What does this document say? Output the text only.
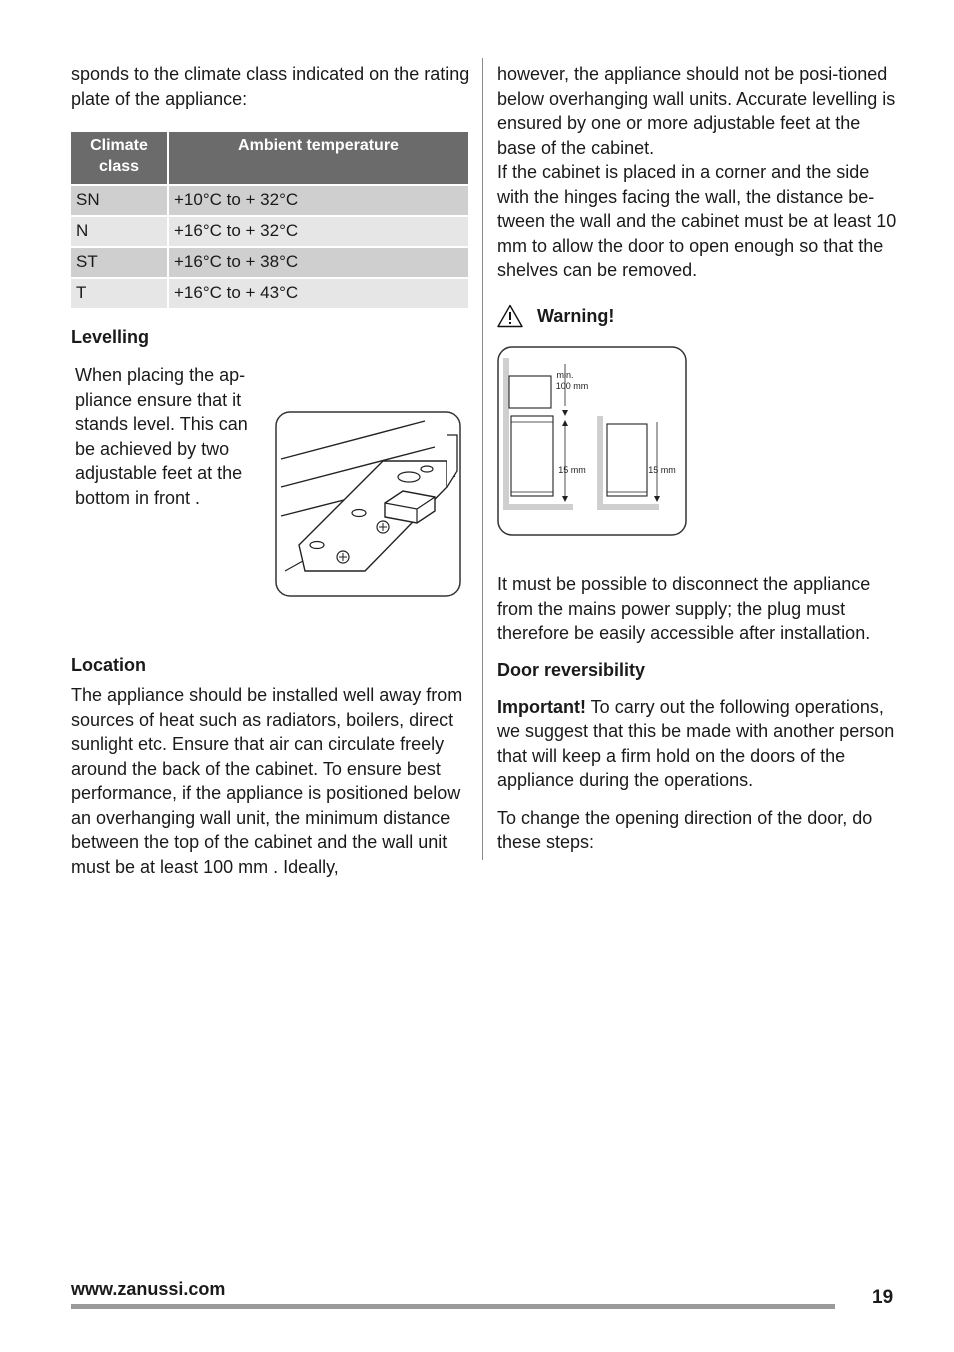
sponds to the climate class indicated on the rating plate of the appliance:

Climate class	Ambient temperature
SN	+10°C to + 32°C
N	+16°C to + 32°C
ST	+16°C to + 38°C
T	+16°C to + 43°C
Levelling

When placing the ap-pliance ensure that it stands level. This can be achieved by two adjustable feet at the bottom in front .

Location

The appliance should be installed well away from sources of heat such as radiators, boilers, direct sunlight etc. Ensure that air can circulate freely around the back of the cabinet. To ensure best performance, if the appliance is positioned below an overhanging wall unit, the minimum distance between the top of the cabinet and the wall unit must be at least 100 mm . Ideally,

however, the appliance should not be posi-tioned below overhanging wall units. Accurate levelling is ensured by one or more adjustable feet at the base of the cabinet.

If the cabinet is placed in a corner and the side with the hinges facing the wall, the distance be-tween the wall and the cabinet must be at least 10 mm to allow the door to open enough so that the shelves can be removed.

Warning!
min.
100 mm
15 mm	15 mm

It must be possible to disconnect the appliance from the mains power supply; the plug must therefore be easily accessible after installation.

Door reversibility

Important! To carry out the following operations, we suggest that this be made with another person that will keep a firm hold on the doors of the appliance during the operations.

To change the opening direction of the door, do these steps:

www.zanussi.com	19
